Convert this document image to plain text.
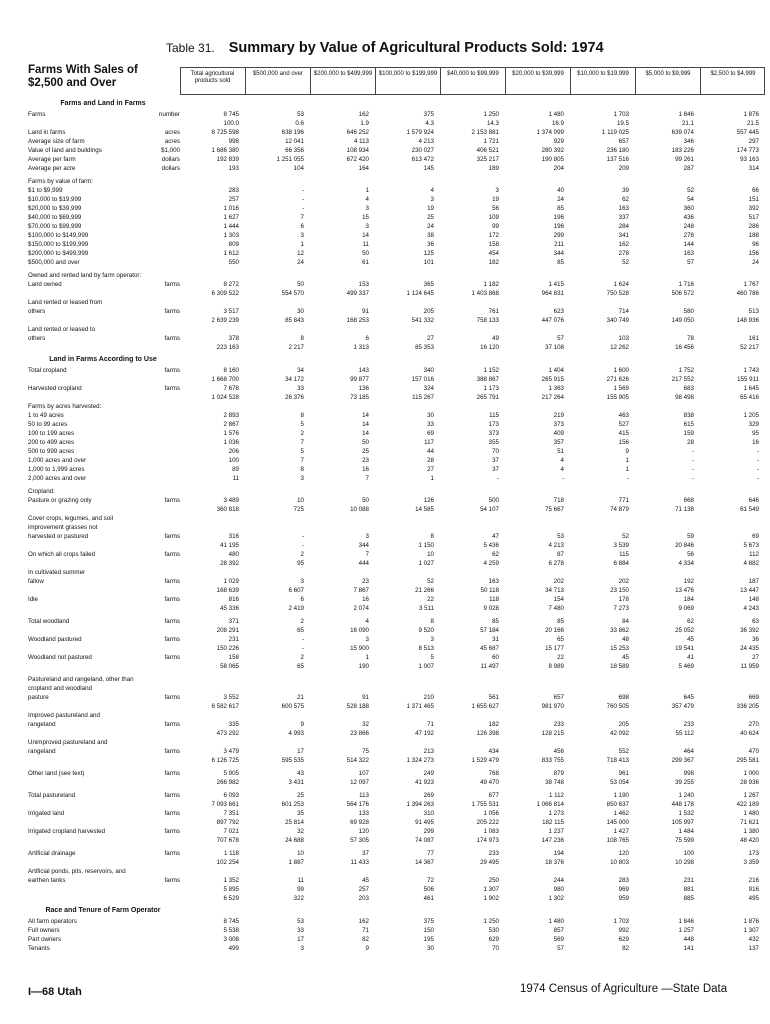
Table 31. Summary by Value of Agricultural Products Sold: 1974
Farms With Sales of
$2,500 and Over
Total agricultural products sold
$500,000 and over	$200,000 to $499,999	$100,000 to $199,999	$40,000 to $99,999	$20,000 to $39,999	$10,000 to $19,999	$5,000 to $9,999	$2,500 to $4,999
Farms and Land in Farms
Farms	number	8 745	53	162	375	1 250	1 480	1 703	1 846	1 876
100.0	0.6	1.9	4.3	14.3	16.9	19.5	21.1	21.5
Land in farms	acres	8 725 598	638 196	646 252	1 579 924	2 153 881	1 374 099	1 119 025	639 074	557 445
Average size of farm	acres	998	12 041	4 113	4 213	1 721	929	657	346	297
Value of land and buildings	$1,000	1 686 380	66 356	108 934	230 027	406 521	280 392	236 180	183 226	174 773
Average per farm	dollars	192 839	1 251 055	672 420	613 472	325 217	190 805	137 516	99 261	93 163
Average per acre	dollars	193	104	164	145	189	204	209	287	314
Farms by value of farm:
$1 to $9,999	283	-	1	4	3	40	39	52	66
$10,000 to $19,999	257	-	4	3	19	24	62	54	151
$20,000 to $39,999	1 016	-	3	19	56	85	163	360	392
$40,000 to $69,999	1 627	7	15	25	109	196	337	436	517
$70,000 to $99,999	1 444	6	3	24	99	196	284	248	286
$100,000 to $149,999	1 303	3	14	38	172	299	341	278	188
$150,000 to $199,999	809	1	11	36	158	211	162	144	96
$200,000 to $499,999	1 612	12	50	125	454	344	278	163	156
$500,000 and over	550	24	61	101	182	85	52	57	24
Owned and rented land by farm operator:
Land owned	farms	8 272	50	153	365	1 182	1 415	1 624	1 716	1 767
6 309 522	554 570	499 337	1 124 645	1 403 868	964 831	750 528	506 572	460 786
Land rented or leased from
others	farms	3 517	30	91	205	761	623	714	580	513
2 639 239	85 843	168 253	541 332	758 133	447 076	340 749	149 050	148 936
Land rented or leased to
others	farms	378	8	6	27	49	57	103	78	161
223 163	2 217	1 313	85 353	16 120	37 108	12 262	16 456	52 217
Land in Farms According to Use
Total cropland	farms	8 160	34	143	340	1 152	1 404	1 600	1 752	1 743
1 668 700	34 172	99 877	157 016	388 867	265 915	271 626	217 552	155 911
Harvested cropland	farms	7 678	33	136	324	1 173	1 363	1 569	683	1 645
1 024 528	26 376	73 185	115 267	265 791	217 264	155 905	98 498	65 416
Farms by acres harvested:
1 to 49 acres	2 893	8	14	30	115	219	463	838	1 205
50 to 99 acres	2 867	5	14	33	173	373	527	615	329
100 to 199 acres	1 576	2	14	69	373	409	415	159	95
200 to 499 acres	1 036	7	50	117	355	357	156	28	16
500 to 999 acres	206	5	25	44	70	51	9	-	-
1,000 acres and over	100	7	23	28	37	4	1	-	-
1,000 to 1,999 acres	89	8	16	27	37	4	1	-	-
2,000 acres and over	11	3	7	1	-	-	-	-	-
Cropland:
Pasture or grazing only	farms	3 489	10	50	126	500	718	771	668	646
360 818	725	10 088	14 585	54 107	75 667	74 879	71 138	61 549
Cover crops, legumes, and soil
improvement grasses not
harvested or pastured	farms	316	-	3	8	47	53	52	59	69
41 195	-	344	1 150	5 436	4 213	3 539	20 846	5 673
On which all crops failed	farms	480	2	7	10	62	87	115	56	112
28 392	95	444	1 027	4 259	6 278	6 884	4 334	4 882
In cultivated summer
fallow	farms	1 029	3	23	52	163	202	202	192	187
168 639	6 607	7 867	21 266	50 118	34 713	23 150	13 476	13 447
Idle	farms	816	6	16	22	118	154	178	184	148
45 336	2 419	2 074	3 511	9 028	7 480	7 273	9 069	4 243
Total woodland	farms	371	2	4	8	85	85	84	62	63
208 291	65	16 090	9 520	57 184	20 166	33 862	25 052	36 392
Woodland pastured	farms	231	-	3	3	31	65	48	45	36
150 226	-	15 900	8 513	45 687	15 177	15 253	19 541	24 435
Woodland not pastured	farms	158	2	1	5	60	22	45	41	27
58 065	65	190	1 007	11 497	8 989	18 589	5 469	11 959
Pastureland and rangeland, other than
cropland and woodland
pasture	farms	3 552	21	91	210	561	657	698	645	669
6 582 617	600 575	528 188	1 371 465	1 655 627	981 970	760 505	357 479	336 205
Improved pastureland and
rangeland	farms	335	9	32	71	182	233	205	233	270
473 292	4 993	23 866	47 192	126 398	128 215	42 092	55 112	40 624
Unimproved pastureland and
rangeland	farms	3 479	17	75	213	434	456	552	464	470
6 126 725	595 535	514 322	1 324 273	1 529 479	833 755	718 413	299 367	295 581
Other land (see text)	farms	5 905	43	107	249	768	879	961	998	1 000
266 982	3 431	12 097	41 923	49 470	38 748	53 054	39 255	28 936
Total pastureland	farms	6 093	25	113	269	877	1 112	1 190	1 240	1 267
7 093 661	601 253	564 176	1 394 263	1 755 531	1 066 814	850 637	448 178	422 189
Irrigated land	farms	7 351	35	133	310	1 056	1 273	1 462	1 532	1 480
897 792	25 814	69 928	91 495	205 222	182 115	145 000	105 997	71 621
Irrigated cropland harvested	farms	7 021	32	120	299	1 083	1 237	1 427	1 484	1 380
707 678	24 688	57 305	74 087	174 973	147 236	108 765	75 599	48 420
Artificial drainage	farms	1 118	10	37	77	233	194	120	100	173
102 254	1 887	11 433	14 367	29 495	18 376	10 803	10 298	3 359
Artificial ponds, pits, reservoirs, and
earthen tanks	farms	1 352	11	45	72	250	244	283	231	216
5 895	99	257	506	1 307	980	969	881	916
6 529	322	203	461	1 902	1 302	959	885	495
Race and Tenure of Farm Operator
All farm operators	8 745	53	162	375	1 250	1 480	1 703	1 846	1 876
Full owners	5 538	33	71	150	530	857	992	1 257	1 307
Part owners	3 008	17	82	195	629	569	629	448	432
Tenants	499	3	9	30	70	57	82	141	137
I—68 Utah	1974 Census of Agriculture —State Data
